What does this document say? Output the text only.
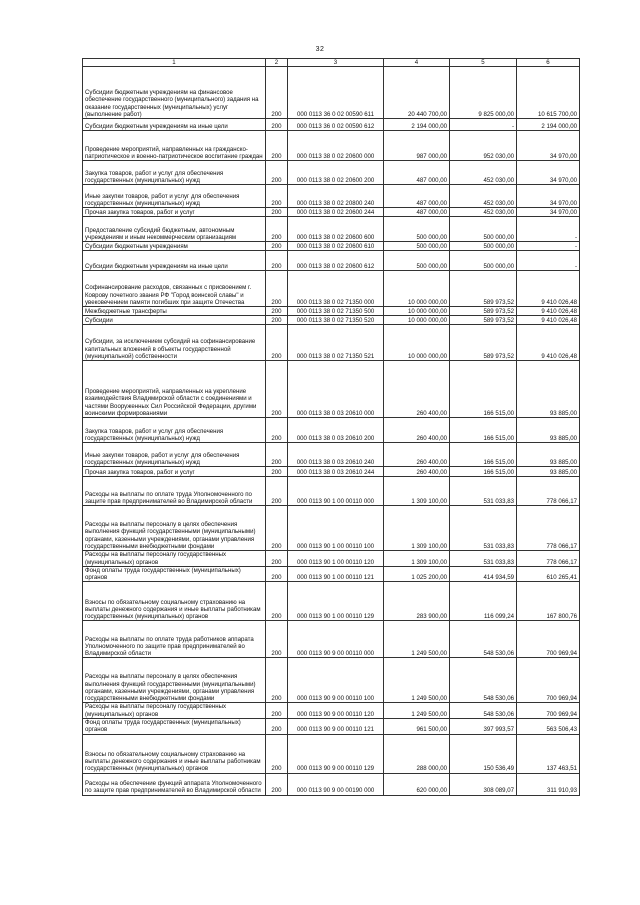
32
1	2	3	4	5	6
Субсидии бюджетным учреждениям на финансовое обеспечение государственного (муниципального) задания на оказание государственных (муниципальных) услуг (выполнение работ)	200	000 0113 36 0 02 00590 611	20 440 700,00	9 825 000,00	10 615 700,00
Субсидии бюджетным учреждениям на иные цели	200	000 0113 36 0 02 00590 612	2 194 000,00	-	2 194 000,00
Проведение мероприятий, направленных на гражданско-патриотическое и военно-патриотическое воспитание граждан	200	000 0113 38 0 02 20600 000	987 000,00	952 030,00	34 970,00
Закупка товаров, работ и услуг для обеспечения государственных (муниципальных) нужд	200	000 0113 38 0 02 20600 200	487 000,00	452 030,00	34 970,00
Иные закупки товаров, работ и услуг для обеспечения государственных (муниципальных) нужд	200	000 0113 38 0 02 20800 240	487 000,00	452 030,00	34 970,00
Прочая закупка товаров, работ и услуг	200	000 0113 38 0 02 20600 244	487 000,00	452 030,00	34 970,00
Предоставление субсидий бюджетным, автономным учреждениям и иным некоммерческим организациям	200	000 0113 38 0 02 20600 600	500 000,00	500 000,00	-
Субсидии бюджетным учреждениям	200	000 0113 38 0 02 20600 610	500 000,00	500 000,00	-
Субсидии бюджетным учреждениям на иные цели	200	000 0113 38 0 02 20600 612	500 000,00	500 000,00	-
Софинансирование расходов, связанных с присвоением г. Коврову почетного звания РФ "Город воинской славы" и увековечением памяти погибших при защите Отечества	200	000 0113 38 0 02 71350 000	10 000 000,00	589 973,52	9 410 026,48
Межбюджетные трансферты	200	000 0113 38 0 02 71350 500	10 000 000,00	589 973,52	9 410 026,48
Субсидии	200	000 0113 38 0 02 71350 520	10 000 000,00	589 973,52	9 410 026,48
Субсидии, за исключением субсидий на софинансирование капитальных вложений в объекты государственной (муниципальной) собственности	200	000 0113 38 0 02 71350 521	10 000 000,00	589 973,52	9 410 026,48
Проведение мероприятий, направленных на укрепление взаимодействия Владимирской области с соединениями и частями Вооруженных Сил Российской Федерации, другими воинскими формированиями	200	000 0113 38 0 03 20610 000	260 400,00	166 515,00	93 885,00
Закупка товаров, работ и услуг для обеспечения государственных (муниципальных) нужд	200	000 0113 38 0 03 20610 200	260 400,00	166 515,00	93 885,00
Иные закупки товаров, работ и услуг для обеспечения государственных (муниципальных) нужд	200	000 0113 38 0 03 20610 240	260 400,00	166 515,00	93 885,00
Прочая закупка товаров, работ и услуг	200	000 0113 38 0 03 20610 244	260 400,00	166 515,00	93 885,00
Расходы на выплаты по оплате труда Уполномоченного по защите прав предпринимателей во Владимирской области	200	000 0113 90 1 00 00110 000	1 309 100,00	531 033,83	778 066,17
Расходы на выплаты персоналу в целях обеспечения выполнения функций государственными (муниципальными) органами, казенными учреждениями, органами управления государственными внебюджетными фондами	200	000 0113 90 1 00 00110 100	1 309 100,00	531 033,83	778 066,17
Расходы на выплаты персоналу государственных (муниципальных) органов	200	000 0113 90 1 00 00110 120	1 309 100,00	531 033,83	778 066,17
Фонд оплаты труда государственных (муниципальных) органов	200	000 0113 90 1 00 00110 121	1 025 200,00	414 934,59	610 265,41
Взносы по обязательному социальному страхованию на выплаты денежного содержания и иные выплаты работникам государственных (муниципальных) органов	200	000 0113 90 1 00 00110 129	283 900,00	116 099,24	167 800,76
Расходы на выплаты по оплате труда работников аппарата Уполномоченного по защите прав предпринимателей во Владимирской области	200	000 0113 90 9 00 00110 000	1 249 500,00	548 530,06	700 969,94
Расходы на выплаты персоналу в целях обеспечения выполнения функций государственными (муниципальными) органами, казенными учреждениями, органами управления государственными внебюджетными фондами	200	000 0113 90 9 00 00110 100	1 249 500,00	548 530,06	700 969,94
Расходы на выплаты персоналу государственных (муниципальных) органов	200	000 0113 90 9 00 00110 120	1 249 500,00	548 530,06	700 969,94
Фонд оплаты труда государственных (муниципальных) органов	200	000 0113 90 9 00 00110 121	961 500,00	397 993,57	563 506,43
Взносы по обязательному социальному страхованию на выплаты денежного содержания и иные выплаты работникам государственных (муниципальных) органов	200	000 0113 90 9 00 00110 129	288 000,00	150 536,49	137 463,51
Расходы на обеспечение функций аппарата Уполномоченного по защите прав предпринимателей во Владимирской области	200	000 0113 90 9 00 00190 000	620 000,00	308 089,07	311 910,93
